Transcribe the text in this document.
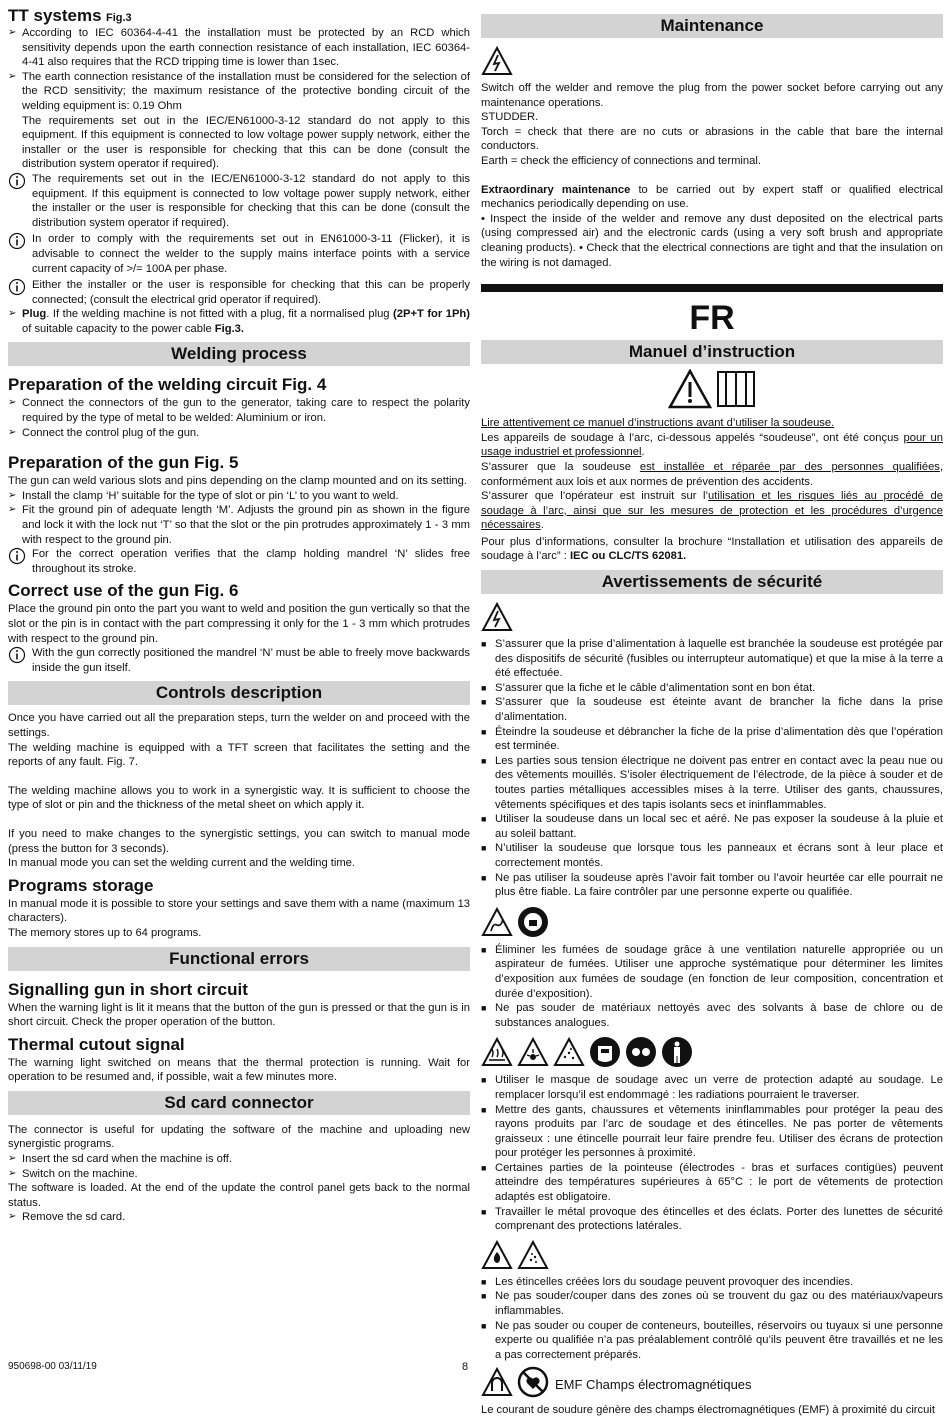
TT systems Fig.3
➢ According to IEC 60364-4-41 the installation must be protected by an RCD which sensitivity depends upon the earth connection resistance of each installation, IEC 60364-4-41 also requires that the RCD tripping time is lower than 1sec.
➢ The earth connection resistance of the installation must be considered for the selection of the RCD sensitivity; the maximum resistance of the protective bonding circuit of the welding equipment is: 0.19 Ohm
The requirements set out in the IEC/EN61000-3-12 standard do not apply to this equipment. If this equipment is connected to low voltage power supply network, either the installer or the user is responsible for checking that this can be done (consult the distribution system operator if required).
The requirements set out in the IEC/EN61000-3-12 standard do not apply to this equipment. If this equipment is connected to low voltage power supply network, either the installer or the user is responsible for checking that this can be done (consult the distribution system operator if required).
In order to comply with the requirements set out in EN61000-3-11 (Flicker), it is advisable to connect the welder to the supply mains interface points with a service current capacity of >/= 100A per phase.
Either the installer or the user is responsible for checking that this can be properly connected; (consult the electrical grid operator if required).
➢ Plug. If the welding machine is not fitted with a plug, fit a normalised plug (2P+T for 1Ph) of suitable capacity to the power cable Fig.3.
Welding process
Preparation of the welding circuit Fig. 4
➢ Connect the connectors of the gun to the generator, taking care to respect the polarity required by the type of metal to be welded: Aluminium or iron.
➢ Connect the control plug of the gun.
Preparation of the gun Fig. 5

The gun can weld various slots and pins depending on the clamp mounted and on its setting.

➢ Install the clamp ‘H’ suitable for the type of slot or pin ‘L’ to you want to weld.
➢ Fit the ground pin of adequate length ‘M’. Adjusts the ground pin as shown in the figure and lock it with the lock nut ‘T’ so that the slot or the pin protrudes approximately 1 - 3 mm with respect to the ground pin.
For the correct operation verifies that the clamp holding mandrel ‘N’ slides free throughout its stroke.
Correct use of the gun Fig. 6

Place the ground pin onto the part you want to weld and position the gun vertically so that the slot or the pin is in contact with the part compressing it only for the 1 - 3 mm which protrudes with respect to the ground pin.

With the gun correctly positioned the mandrel ‘N’ must be able to freely move backwards inside the gun itself.
Controls description

Once you have carried out all the preparation steps, turn the welder on and proceed with the settings.

The welding machine is equipped with a TFT screen that facilitates the setting and the reports of any fault. Fig. 7.

The welding machine allows you to work in a synergistic way. It is sufficient to choose the type of slot or pin and the thickness of the metal sheet on which apply it.

If you need to make changes to the synergistic settings, you can switch to manual mode (press the button for 3 seconds).

In manual mode you can set the welding current and the welding time.

Programs storage

In manual mode it is possible to store your settings and save them with a name (maximum 13 characters).

The memory stores up to 64 programs.

Functional errors
Signalling gun in short circuit

When the warning light is lit it means that the button of the gun is pressed or that the gun is in short circuit. Check the proper operation of the button.

Thermal cutout signal

The warning light switched on means that the thermal protection is running. Wait for operation to be resumed and, if possible, wait a few minutes more.

Sd card connector

The connector is useful for updating the software of the machine and uploading new synergistic programs.

➢ Insert the sd card when the machine is off.
➢ Switch on the machine.

The software is loaded. At the end of the update the control panel gets back to the normal status.

➢ Remove the sd card.
Maintenance

Switch off the welder and remove the plug from the power socket before carrying out any maintenance operations.

STUDDER.

Torch = check that there are no cuts or abrasions in the cable that bare the internal conductors.

Earth = check the efficiency of connections and terminal.

Extraordinary maintenance to be carried out by expert staff or qualified electrical mechanics periodically depending on use.

• Inspect the inside of the welder and remove any dust deposited on the electrical parts (using compressed air) and the electronic cards (using a very soft brush and appropriate cleaning products). • Check that the electrical connections are tight and that the insulation on the wiring is not damaged.

FR
Manuel d’instruction

Lire attentivement ce manuel d’instructions avant d’utiliser la soudeuse.

Les appareils de soudage à l’arc, ci-dessous appelés “soudeuse”, ont été conçus pour un usage industriel et professionnel.

S’assurer que la soudeuse est installée et réparée par des personnes qualifiées, conformément aux lois et aux normes de prévention des accidents.

S’assurer que l’opérateur est instruit sur l’utilisation et les risques liés au procédé de soudage à l’arc, ainsi que sur les mesures de protection et les procédures d’urgence nécessaires.

Pour plus d’informations, consulter la brochure “Installation et utilisation des appareils de soudage à l’arc” : IEC ou CLC/TS 62081.

Avertissements de sécurité
■ S’assurer que la prise d’alimentation à laquelle est branchée la soudeuse est protégée par des dispositifs de sécurité (fusibles ou interrupteur automatique) et que la mise à la terre a été effectuée.
■ S’assurer que la fiche et le câble d’alimentation sont en bon état.
■ S’assurer que la soudeuse est éteinte avant de brancher la fiche dans la prise d’alimentation.
■ Éteindre la soudeuse et débrancher la fiche de la prise d’alimentation dès que l’opération est terminée.
■ Les parties sous tension électrique ne doivent pas entrer en contact avec la peau nue ou des vêtements mouillés. S’isoler électriquement de l’électrode, de la pièce à souder et de toutes parties métalliques accessibles mises à la terre. Utiliser des gants, chaussures, vêtements spécifiques et des tapis isolants secs et ininflammables.
■ Utiliser la soudeuse dans un local sec et aéré. Ne pas exposer la soudeuse à la pluie et au soleil battant.
■ N’utiliser la soudeuse que lorsque tous les panneaux et écrans sont à leur place et correctement montés.
■ Ne pas utiliser la soudeuse après l’avoir fait tomber ou l’avoir heurtée car elle pourrait ne plus être fiable. La faire contrôler par une personne experte ou qualifiée.
■ Éliminer les fumées de soudage grâce à une ventilation naturelle appropriée ou un aspirateur de fumées. Utiliser une approche systématique pour déterminer les limites d’exposition aux fumées de soudage (en fonction de leur composition, concentration et durée d’exposition).
■ Ne pas souder de matériaux nettoyés avec des solvants à base de chlore ou de substances analogues.
■ Utiliser le masque de soudage avec un verre de protection adapté au soudage. Le remplacer lorsqu’il est endommagé : les radiations pourraient le traverser.
■ Mettre des gants, chaussures et vêtements ininflammables pour protéger la peau des rayons produits par l’arc de soudage et des étincelles. Ne pas porter de vêtements graisseux : une étincelle pourrait leur faire prendre feu. Utiliser des écrans de protection pour protéger les personnes à proximité.
■ Certaines parties de la pointeuse (électrodes - bras et surfaces contigües) peuvent atteindre des températures supérieures à 65°C : le port de vêtements de protection adaptés est obligatoire.
■ Travailler le métal provoque des étincelles et des éclats. Porter des lunettes de sécurité comprenant des protections latérales.
■ Les étincelles créées lors du soudage peuvent provoquer des incendies.
■ Ne pas souder/couper dans des zones où se trouvent du gaz ou des matériaux/vapeurs inflammables.
■ Ne pas souder ou couper de conteneurs, bouteilles, réservoirs ou tuyaux si une personne experte ou qualifiée n’a pas préalablement contrôlé qu’ils peuvent être travaillés et ne les a pas correctement préparés.
EMF Champs électromagnétiques

Le courant de soudure génère des champs électromagnétiques (EMF) à proximité du circuit

950698-00 03/11/19	8
